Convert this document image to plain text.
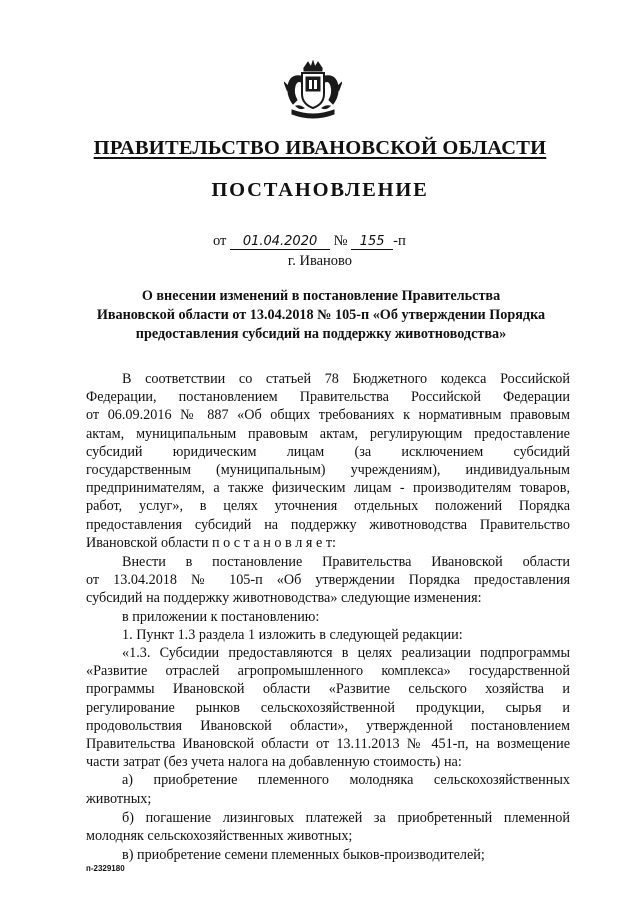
ПРАВИТЕЛЬСТВО ИВАНОВСКОЙ ОБЛАСТИ
ПОСТАНОВЛЕНИЕ
от 01.04.2020 № 155 -п
г. Иваново
О внесении изменений в постановление Правительства
Ивановской области от 13.04.2018 № 105-п «Об утверждении Порядка
предоставления субсидий на поддержку животноводства»
В соответствии со статьей 78 Бюджетного кодекса Российской
Федерации, постановлением Правительства Российской Федерации
от 06.09.2016 № 887 «Об общих требованиях к нормативным правовым
актам, муниципальным правовым актам, регулирующим предоставление
субсидий юридическим лицам (за исключением субсидий
государственным (муниципальным) учреждениям), индивидуальным
предпринимателям, а также физическим лицам - производителям товаров,
работ, услуг», в целях уточнения отдельных положений Порядка
предоставления субсидий на поддержку животноводства Правительство
Ивановской области п о с т а н о в л я е т:
Внести в постановление Правительства Ивановской области
от 13.04.2018 № 105-п «Об утверждении Порядка предоставления
субсидий на поддержку животноводства» следующие изменения:
в приложении к постановлению:
1. Пункт 1.3 раздела 1 изложить в следующей редакции:
«1.3. Субсидии предоставляются в целях реализации подпрограммы
«Развитие отраслей агропромышленного комплекса» государственной
программы Ивановской области «Развитие сельского хозяйства и
регулирование рынков сельскохозяйственной продукции, сырья и
продовольствия Ивановской области», утвержденной постановлением
Правительства Ивановской области от 13.11.2013 № 451-п, на возмещение
части затрат (без учета налога на добавленную стоимость) на:
а) приобретение племенного молодняка сельскохозяйственных
животных;
б) погашение лизинговых платежей за приобретенный племенной
молодняк сельскохозяйственных животных;
в) приобретение семени племенных быков-производителей;
п-2329180
